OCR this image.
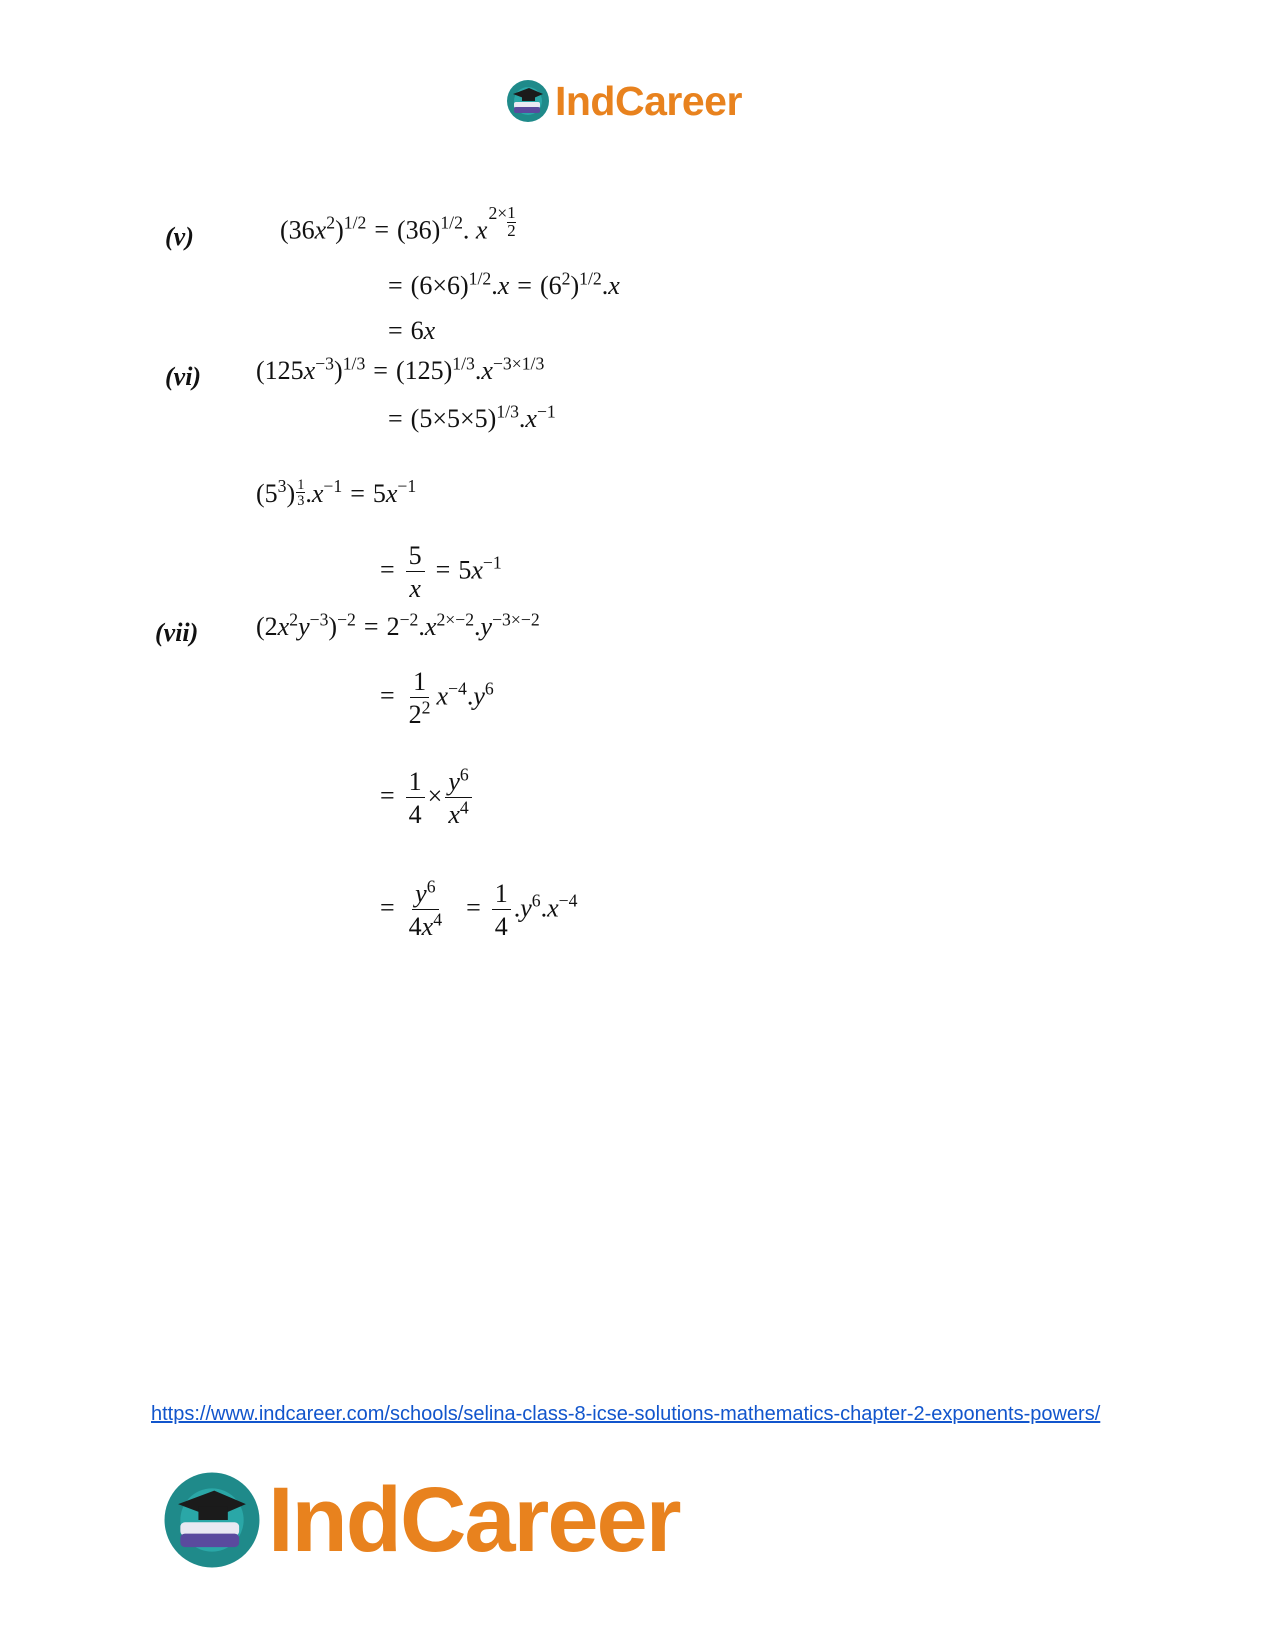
IndCareer
(v)	$(36x^2)^{1/2} = (36)^{1/2}$. x2× 1
2
= $(6\times 6)^{1/2}.x = (6^2)^{1/2}.x$
= 6x
(vi) $(125x^{-3})^{1/3} = (125)^{1/3}.x^{-3\times 1/3}$
= $(5\times 5\times 5)^{1/3}.x^{-1}$
$(5^3) \frac{1}{3} .x^{-1} = 5x^{-1}$
= $\frac{5}{x} = 5x^{-1}$
(vii) $(2x^2y^{-3})^{-2} = 2^{-2}.x^{2\times-2}.y^{-3\times-2}$
= $\frac{1}{2^2} x^{-4}.y^6$
= $\frac{1}{4} \times \frac{y^6}{x^4}$
= $\frac{y^6}{4x^4} = \frac{1}{4} .y^6.x^{-4}$
https://www.indcareer.com/schools/selina-class-8-icse-solutions-mathematics-chapter-2-exponents-powers/
IndCareer
